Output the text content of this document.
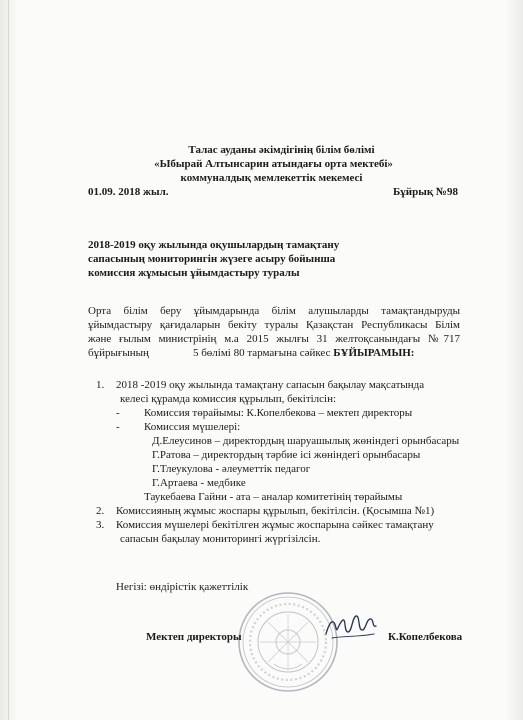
Талас ауданы әкімдігінің білім бөлімі
«Ыбырай Алтынсарин атындағы орта мектебі»
коммуналдық мемлекеттік мекемесі
01.09. 2018 жыл.	Бұйрық №98
2018-2019 оқу жылында оқушылардың тамақтану
сапасының мониторингін жүзеге асыру бойынша
комиссия жұмысын ұйымдастыру туралы
Орта білім беру ұйымдарында білім алушыларды тамақтандыруды
ұйымдастыру қағидаларын бекіту туралы Қазақстан Республикасы Білім
және ғылым министрінің м.а 2015 жылғы 31 желтоқсанындағы №717
бұйрығының	5 бөлімі 80 тармағына сәйкес БҰЙЫРАМЫН:
1.	2018 -2019 оқу жылында тамақтану сапасын бақылау мақсатында
келесі құрамда комиссия құрылып, бекітілсін:
-	Комиссия төрайымы: К.Копелбекова – мектеп директоры
-	Комиссия мүшелері:
Д.Елеусинов – директордың шаруашылық жөніндегі орынбасары
Г.Ратова – директордың тәрбие ісі жөніндегі орынбасары
Г.Тлеукулова - әлеуметтік педагог
Г.Артаева - медбике
Таукебаева Гайни - ата – аналар комитетінің төрайымы
2.	Комиссияның жұмыс жоспары құрылып, бекітілсін. (Қосымша №1)
3.	Комиссия мүшелері бекітілген жұмыс жоспарына сәйкес тамақтану
сапасын бақылау мониторингі жүргізілсін.
Негізі: өндірістік қажеттілік
Мектеп директоры	К.Копелбекова
